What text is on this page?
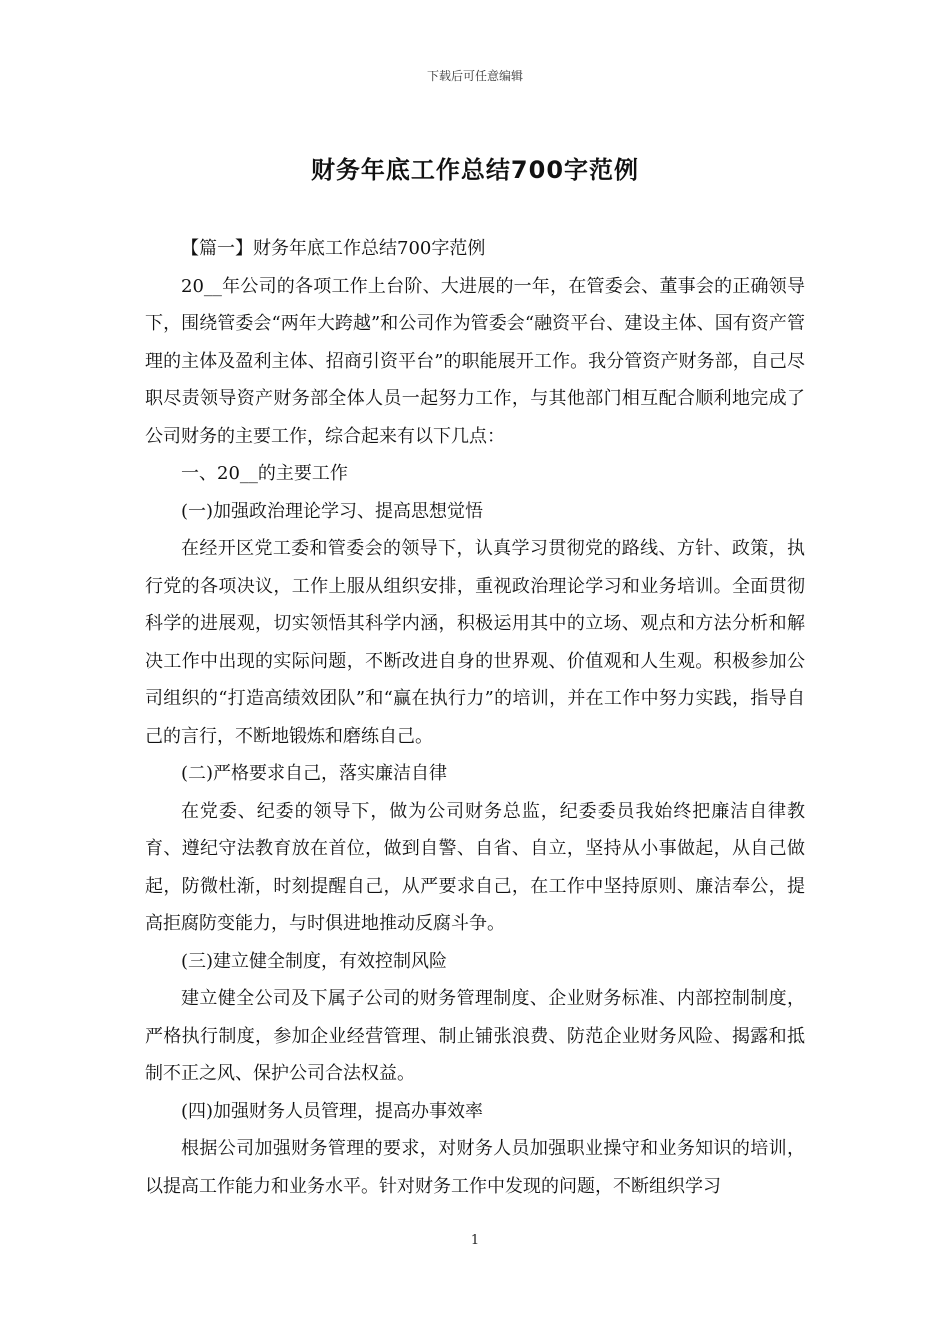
下载后可任意编辑
财务年底工作总结700字范例

【篇一】财务年底工作总结700字范例

20__年公司的各项工作上台阶、大进展的一年，在管委会、董事会的正确领导下，围绕管委会“两年大跨越”和公司作为管委会“融资平台、建设主体、国有资产管理的主体及盈利主体、招商引资平台”的职能展开工作。我分管资产财务部，自己尽职尽责领导资产财务部全体人员一起努力工作，与其他部门相互配合顺利地完成了公司财务的主要工作，综合起来有以下几点：

一、20__的主要工作

(一)加强政治理论学习、提高思想觉悟

在经开区党工委和管委会的领导下，认真学习贯彻党的路线、方针、政策，执行党的各项决议，工作上服从组织安排，重视政治理论学习和业务培训。全面贯彻科学的进展观，切实领悟其科学内涵，积极运用其中的立场、观点和方法分析和解决工作中出现的实际问题，不断改进自身的世界观、价值观和人生观。积极参加公司组织的“打造高绩效团队”和“赢在执行力”的培训，并在工作中努力实践，指导自己的言行，不断地锻炼和磨练自己。

(二)严格要求自己，落实廉洁自律

在党委、纪委的领导下，做为公司财务总监，纪委委员我始终把廉洁自律教育、遵纪守法教育放在首位，做到自警、自省、自立，坚持从小事做起，从自己做起，防微杜渐，时刻提醒自己，从严要求自己，在工作中坚持原则、廉洁奉公，提高拒腐防变能力，与时俱进地推动反腐斗争。

(三)建立健全制度，有效控制风险

建立健全公司及下属子公司的财务管理制度、企业财务标准、内部控制制度，严格执行制度，参加企业经营管理、制止铺张浪费、防范企业财务风险、揭露和抵制不正之风、保护公司合法权益。

(四)加强财务人员管理，提高办事效率

根据公司加强财务管理的要求，对财务人员加强职业操守和业务知识的培训，以提高工作能力和业务水平。针对财务工作中发现的问题，不断组织学习

1
